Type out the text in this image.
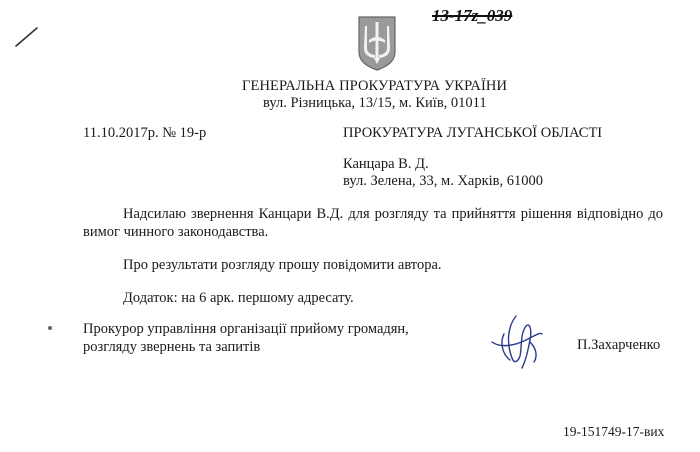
13-17z_039
ГЕНЕРАЛЬНА ПРОКУРАТУРА УКРАЇНИ
вул. Різницька, 13/15, м. Київ, 01011
11.10.2017р. № 19-р	ПРОКУРАТУРА ЛУГАНСЬКОЇ ОБЛАСТІ
Канцара В. Д.
вул. Зелена, 33, м. Харків, 61000
Надсилаю звернення Канцари В.Д. для розгляду та прийняття рішення відповідно до вимог чинного законодавства.
Про результати розгляду прошу повідомити автора.
Додаток: на 6 арк. першому адресату.
Прокурор управління організації прийому громадян, розгляду звернень та запитів	П.Захарченко
19-151749-17-вих
